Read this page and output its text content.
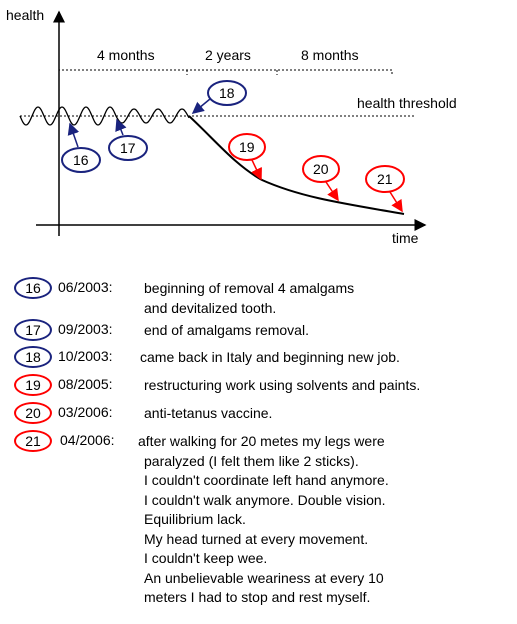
health
time
4 months	2 years	8 months
health threshold
16
17
18
19
20
21
16	06/2003: beginning of removal 4 amalgams
and devitalized tooth.
17	09/2003: end of amalgams removal.
18	10/2003: came back in Italy and beginning new job.
19	08/2005: restructuring work using solvents and paints.
20	03/2006: anti-tetanus vaccine.
21	04/2006: after walking for 20 metes my legs were
paralyzed (I felt them like 2 sticks).
I couldn't coordinate left hand anymore.
I couldn't walk anymore. Double vision.
Equilibrium lack.
My head turned at every movement.
I couldn't keep wee.
An unbelievable weariness at every 10
meters I had to stop and rest myself.
